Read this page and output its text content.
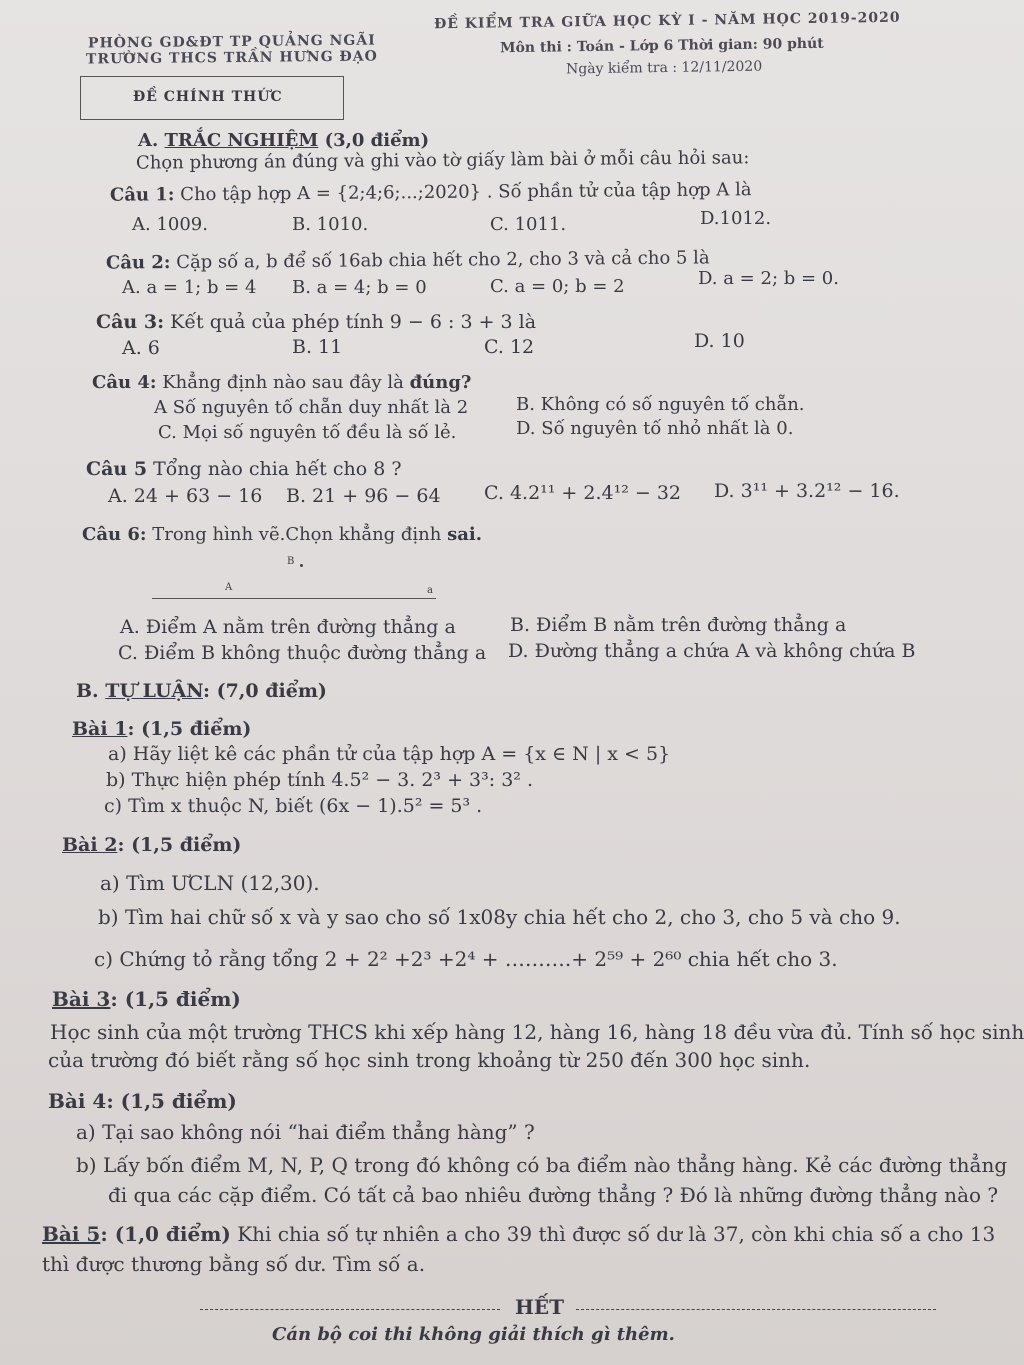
PHÒNG GD&ĐT TP QUẢNG NGÃI
TRƯỜNG THCS TRẦN HƯNG ĐẠO
ĐỀ KIỂM TRA GIỮA HỌC KỲ I - NĂM HỌC 2019-2020
Môn thi : Toán - Lớp 6 Thời gian: 90 phút
Ngày kiểm tra : 12/11/2020
ĐỀ CHÍNH THỨC
A. TRẮC NGHIỆM (3,0 điểm)
Chọn phương án đúng và ghi vào tờ giấy làm bài ở mỗi câu hỏi sau:
Câu 1: Cho tập hợp A = {2;4;6;...;2020} . Số phần tử của tập hợp A là
A. 1009.	B. 1010.	C. 1011.	D.1012.
Câu 2: Cặp số a, b để số 16ab chia hết cho 2, cho 3 và cả cho 5 là
A. a = 1; b = 4 B. a = 4; b = 0	C. a = 0; b = 2	D. a = 2; b = 0.
Câu 3: Kết quả của phép tính 9 − 6 : 3 + 3 là
A. 6	B. 11	C. 12	D. 10
Câu 4: Khẳng định nào sau đây là đúng?
A Số nguyên tố chẵn duy nhất là 2	B. Không có số nguyên tố chẵn.
C. Mọi số nguyên tố đều là số lẻ.	D. Số nguyên tố nhỏ nhất là 0.
Câu 5 Tổng nào chia hết cho 8 ?
A. 24 + 63 − 16 B. 21 + 96 − 64 C. 4.2¹¹ + 2.4¹² − 32 D. 3¹¹ + 3.2¹² − 16.
Câu 6: Trong hình vẽ.Chọn khẳng định sai.
B
A	a
A. Điểm A nằm trên đường thẳng a	B. Điểm B nằm trên đường thẳng a
C. Điểm B không thuộc đường thẳng a D. Đường thẳng a chứa A và không chứa B
B. TỰ LUẬN: (7,0 điểm)
Bài 1: (1,5 điểm)
a) Hãy liệt kê các phần tử của tập hợp A = {x ∈ N | x < 5}
b) Thực hiện phép tính 4.5² − 3. 2³ + 3³: 3² .
c) Tìm x thuộc N, biết (6x − 1).5² = 5³ .
Bài 2: (1,5 điểm)
a) Tìm ƯCLN (12,30).
b) Tìm hai chữ số x và y sao cho số 1x08y chia hết cho 2, cho 3, cho 5 và cho 9.
c) Chứng tỏ rằng tổng 2 + 2² +2³ +2⁴ + ……….+ 2⁵⁹ + 2⁶⁰ chia hết cho 3.
Bài 3: (1,5 điểm)
Học sinh của một trường THCS khi xếp hàng 12, hàng 16, hàng 18 đều vừa đủ. Tính số học sinh
của trường đó biết rằng số học sinh trong khoảng từ 250 đến 300 học sinh.
Bài 4: (1,5 điểm)
a) Tại sao không nói “hai điểm thẳng hàng” ?
b) Lấy bốn điểm M, N, P, Q trong đó không có ba điểm nào thẳng hàng. Kẻ các đường thẳng
đi qua các cặp điểm. Có tất cả bao nhiêu đường thẳng ? Đó là những đường thẳng nào ?
Bài 5: (1,0 điểm) Khi chia số tự nhiên a cho 39 thì được số dư là 37, còn khi chia số a cho 13
thì được thương bằng số dư. Tìm số a.
HẾT
Cán bộ coi thi không giải thích gì thêm.
